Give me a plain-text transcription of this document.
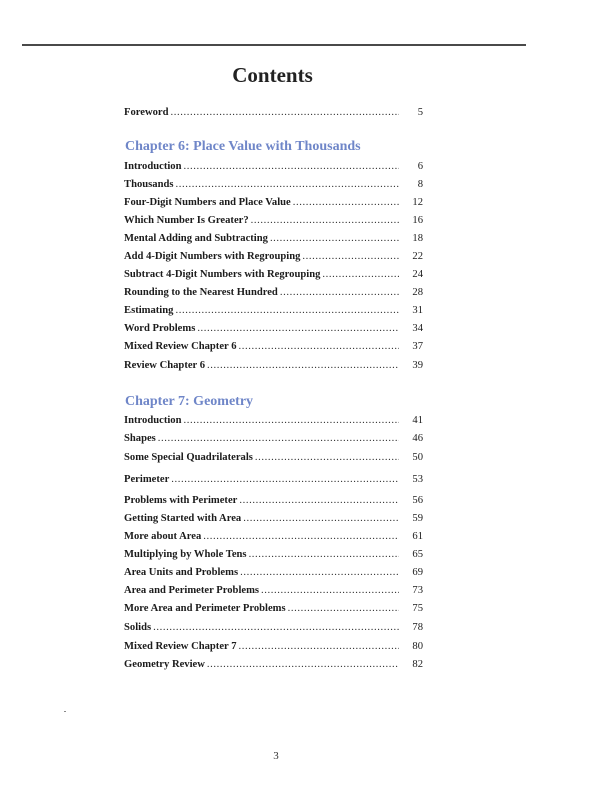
Contents
Foreword .....	5
Chapter 6: Place Value with Thousands
Introduction .....	6
Thousands .....	8
Four-Digit Numbers and Place Value .....	12
Which Number Is Greater? .....	16
Mental Adding and Subtracting .....	18
Add 4-Digit Numbers with Regrouping .....	22
Subtract 4-Digit Numbers with Regrouping .....	24
Rounding to the Nearest Hundred .....	28
Estimating .....	31
Word Problems .....	34
Mixed Review Chapter 6 .....	37
Review Chapter 6 .....	39
Chapter 7: Geometry
Introduction .....	41
Shapes .....	46
Some Special Quadrilaterals .....	50
Perimeter .....	53
Problems with Perimeter .....	56
Getting Started with Area .....	59
More about Area .....	61
Multiplying by Whole Tens .....	65
Area Units and Problems .....	69
Area and Perimeter Problems .....	73
More Area and Perimeter Problems .....	75
Solids .....	78
Mixed Review Chapter 7 .....	80
Geometry Review .....	82
3
